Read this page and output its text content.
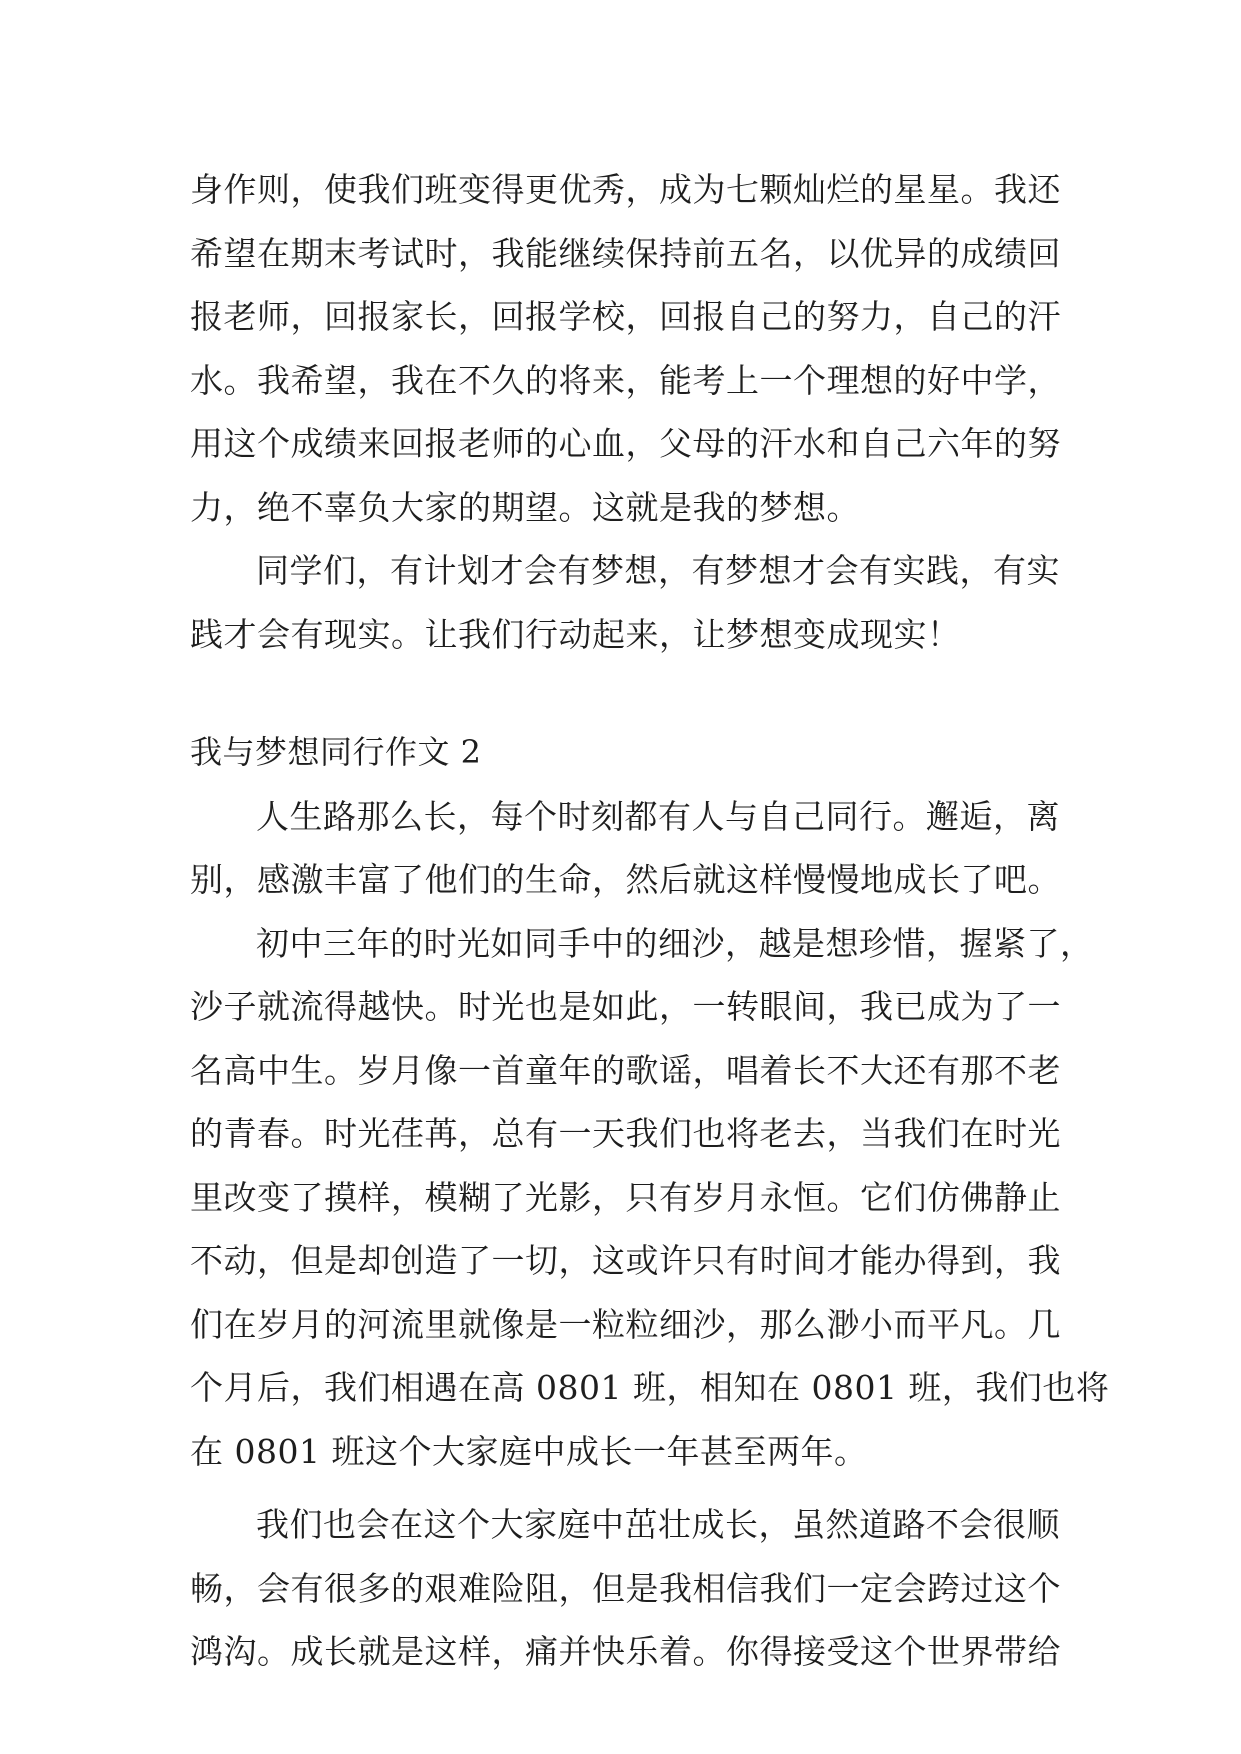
身作则，使我们班变得更优秀，成为七颗灿烂的星星。我还
希望在期末考试时，我能继续保持前五名，以优异的成绩回
报老师，回报家长，回报学校，回报自己的努力，自己的汗
水。我希望，我在不久的将来，能考上一个理想的好中学，
用这个成绩来回报老师的心血，父母的汗水和自己六年的努
力，绝不辜负大家的期望。这就是我的梦想。
同学们，有计划才会有梦想，有梦想才会有实践，有实
践才会有现实。让我们行动起来，让梦想变成现实！
我与梦想同行作文 2
人生路那么长，每个时刻都有人与自己同行。邂逅，离
别，感激丰富了他们的生命，然后就这样慢慢地成长了吧。
初中三年的时光如同手中的细沙，越是想珍惜，握紧了，
沙子就流得越快。时光也是如此，一转眼间，我已成为了一
名高中生。岁月像一首童年的歌谣，唱着长不大还有那不老
的青春。时光荏苒，总有一天我们也将老去，当我们在时光
里改变了摸样，模糊了光影，只有岁月永恒。它们仿佛静止
不动，但是却创造了一切，这或许只有时间才能办得到，我
们在岁月的河流里就像是一粒粒细沙，那么渺小而平凡。几
个月后，我们相遇在高 0801 班，相知在 0801 班，我们也将
在 0801 班这个大家庭中成长一年甚至两年。
我们也会在这个大家庭中茁壮成长，虽然道路不会很顺
畅，会有很多的艰难险阻，但是我相信我们一定会跨过这个
鸿沟。成长就是这样，痛并快乐着。你得接受这个世界带给
